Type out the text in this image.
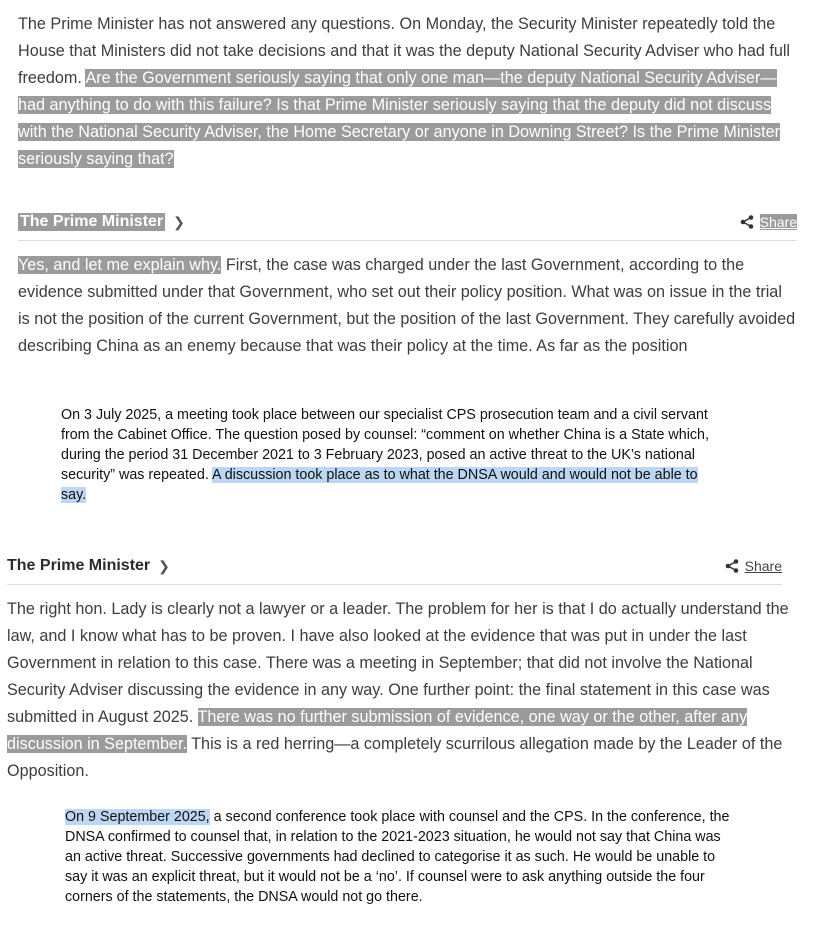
The Prime Minister has not answered any questions. On Monday, the Security Minister repeatedly told the House that Ministers did not take decisions and that it was the deputy National Security Adviser who had full freedom. Are the Government seriously saying that only one man—the deputy National Security Adviser—had anything to do with this failure? Is that Prime Minister seriously saying that the deputy did not discuss with the National Security Adviser, the Home Secretary or anyone in Downing Street? Is the Prime Minister seriously saying that?
The Prime Minister ❯	Share
Yes, and let me explain why. First, the case was charged under the last Government, according to the evidence submitted under that Government, who set out their policy position. What was on issue in the trial is not the position of the current Government, but the position of the last Government. They carefully avoided describing China as an enemy because that was their policy at the time. As far as the position
On 3 July 2025, a meeting took place between our specialist CPS prosecution team and a civil servant from the Cabinet Office. The question posed by counsel: “comment on whether China is a State which, during the period 31 December 2021 to 3 February 2023, posed an active threat to the UK’s national security” was repeated. A discussion took place as to what the DNSA would and would not be able to say.
The Prime Minister ❯	Share
The right hon. Lady is clearly not a lawyer or a leader. The problem for her is that I do actually understand the law, and I know what has to be proven. I have also looked at the evidence that was put in under the last Government in relation to this case. There was a meeting in September; that did not involve the National Security Adviser discussing the evidence in any way. One further point: the final statement in this case was submitted in August 2025. There was no further submission of evidence, one way or the other, after any discussion in September. This is a red herring—a completely scurrilous allegation made by the Leader of the Opposition.
On 9 September 2025, a second conference took place with counsel and the CPS. In the conference, the DNSA confirmed to counsel that, in relation to the 2021-2023 situation, he would not say that China was an active threat. Successive governments had declined to categorise it as such. He would be unable to say it was an explicit threat, but it would not be a ‘no’. If counsel were to ask anything outside the four corners of the statements, the DNSA would not go there.
